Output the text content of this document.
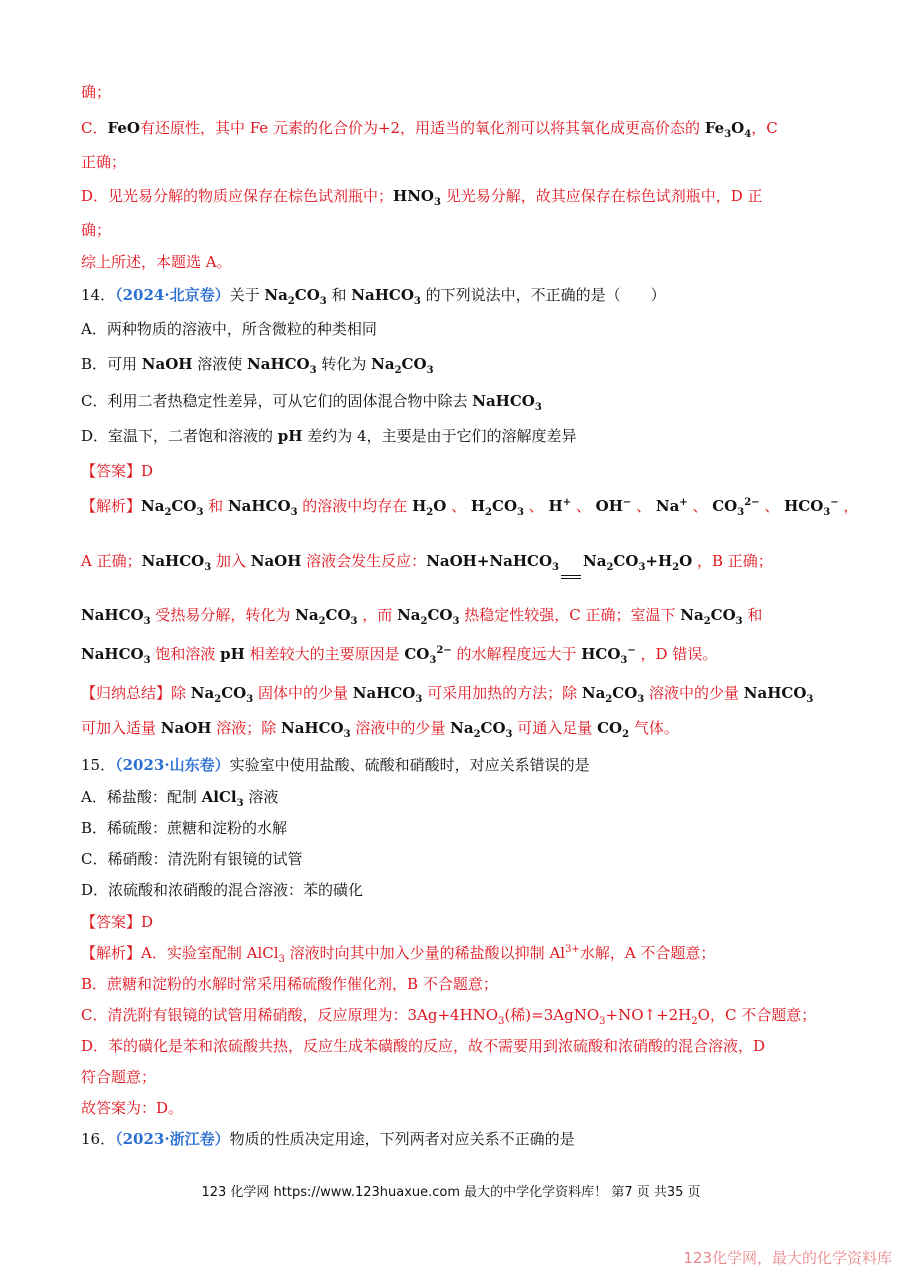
确；
C．FeO有还原性，其中 Fe 元素的化合价为+2，用适当的氧化剂可以将其氧化成更高价态的 $Fe_3O_4$，C
正确；
D．见光易分解的物质应保存在棕色试剂瓶中；$HNO_3$ 见光易分解，故其应保存在棕色试剂瓶中，D 正
确；
综上所述，本题选 A。
14．（2024·北京卷）关于 $Na_2CO_3$ 和 NaHCO$_3$ 的下列说法中，不正确的是（　　）
A．两种物质的溶液中，所含微粒的种类相同
B．可用 NaOH 溶液使 NaHCO$_3$ 转化为 $Na_2CO_3$
C．利用二者热稳定性差异，可从它们的固体混合物中除去 NaHCO$_3$
D．室温下，二者饱和溶液的 pH 差约为 4，主要是由于它们的溶解度差异
【答案】D
【解析】$Na_2CO_3$ 和 NaHCO$_3$ 的溶液中均存在 $H_2O$ 、 $H_2CO_3$ 、 H+ 、 OH− 、 Na+ 、 $CO_3^{2-}$ 、 $HCO_3^-$ ，
A 正确；NaHCO$_3$ 加入 NaOH 溶液会发生反应：NaOH+NaHCO$_3$ $Na_2CO_3+H_2O$ ，B 正确；
NaHCO$_3$ 受热易分解，转化为 $Na_2CO_3$ ，而 $Na_2CO_3$ 热稳定性较强，C 正确；室温下 $Na_2CO_3$ 和
NaHCO$_3$ 饱和溶液 pH 相差较大的主要原因是 $CO_3^{2-}$ 的水解程度远大于 $HCO_3^-$ ，D 错误。
【归纳总结】除 $Na_2CO_3$ 固体中的少量 NaHCO$_3$ 可采用加热的方法；除 $Na_2CO_3$ 溶液中的少量 NaHCO$_3$
可加入适量 NaOH 溶液；除 NaHCO$_3$ 溶液中的少量 $Na_2CO_3$ 可通入足量 $CO_2$ 气体。
15．（2023·山东卷）实验室中使用盐酸、硫酸和硝酸时，对应关系错误的是
A．稀盐酸：配制 AlCl$_3$ 溶液
B．稀硫酸：蔗糖和淀粉的水解
C．稀硝酸：清洗附有银镜的试管
D．浓硫酸和浓硝酸的混合溶液：苯的磺化
【答案】D
【解析】A．实验室配制 AlCl$_3$ 溶液时向其中加入少量的稀盐酸以抑制 $Al^{3+}$水解，A 不合题意；
B．蔗糖和淀粉的水解时常采用稀硫酸作催化剂，B 不合题意；
C．清洗附有银镜的试管用稀硝酸，反应原理为：$3Ag+4HNO_3$(稀)$=3AgNO_3+NO↑+2H_2O$，C 不合题意；
D．苯的磺化是苯和浓硫酸共热，反应生成苯磺酸的反应，故不需要用到浓硫酸和浓硝酸的混合溶液，D
符合题意；
故答案为：D。
16．（2023·浙江卷）物质的性质决定用途，下列两者对应关系不正确的是
123 化学网 https://www.123huaxue.com 最大的中学化学资料库！ 第7 页 共35 页
123化学网，最大的化学资料库
